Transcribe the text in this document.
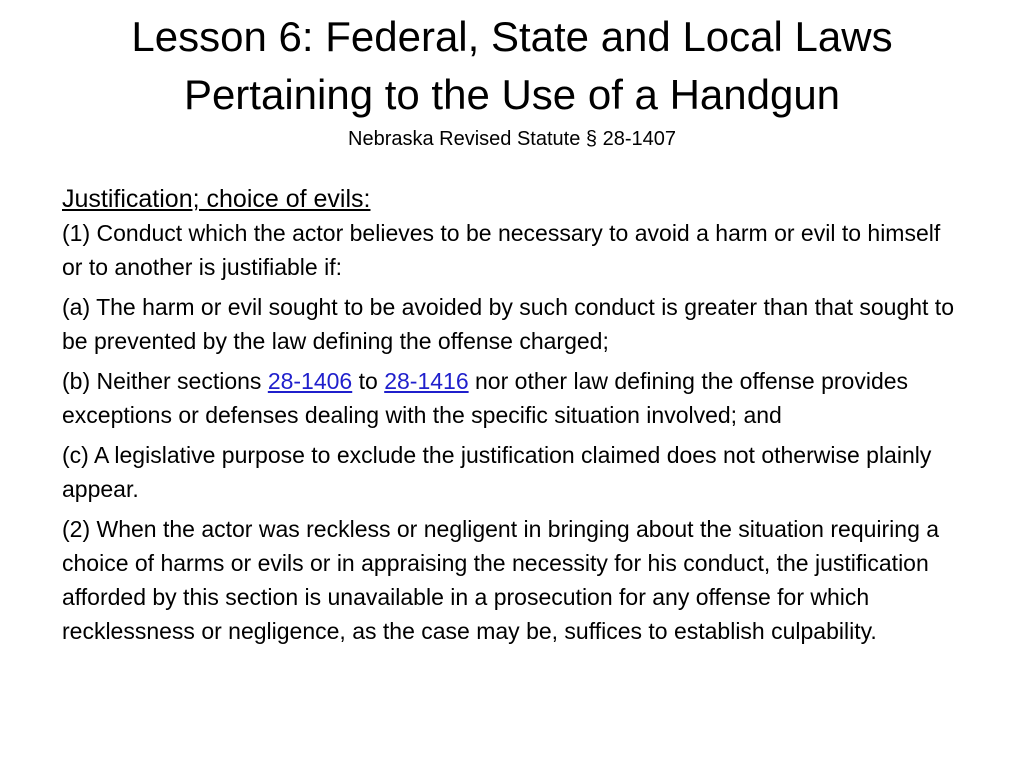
Lesson 6: Federal, State and Local Laws
Pertaining to the Use of a Handgun
Nebraska Revised Statute § 28-1407

Justification; choice of evils:

(1) Conduct which the actor believes to be necessary to avoid a harm or evil to himself or to another is justifiable if:

(a) The harm or evil sought to be avoided by such conduct is greater than that sought to be prevented by the law defining the offense charged;

(b) Neither sections 28-1406 to 28-1416 nor other law defining the offense provides exceptions or defenses dealing with the specific situation involved; and

(c) A legislative purpose to exclude the justification claimed does not otherwise plainly appear.

(2) When the actor was reckless or negligent in bringing about the situation requiring a choice of harms or evils or in appraising the necessity for his conduct, the justification afforded by this section is unavailable in a prosecution for any offense for which recklessness or negligence, as the case may be, suffices to establish culpability.
